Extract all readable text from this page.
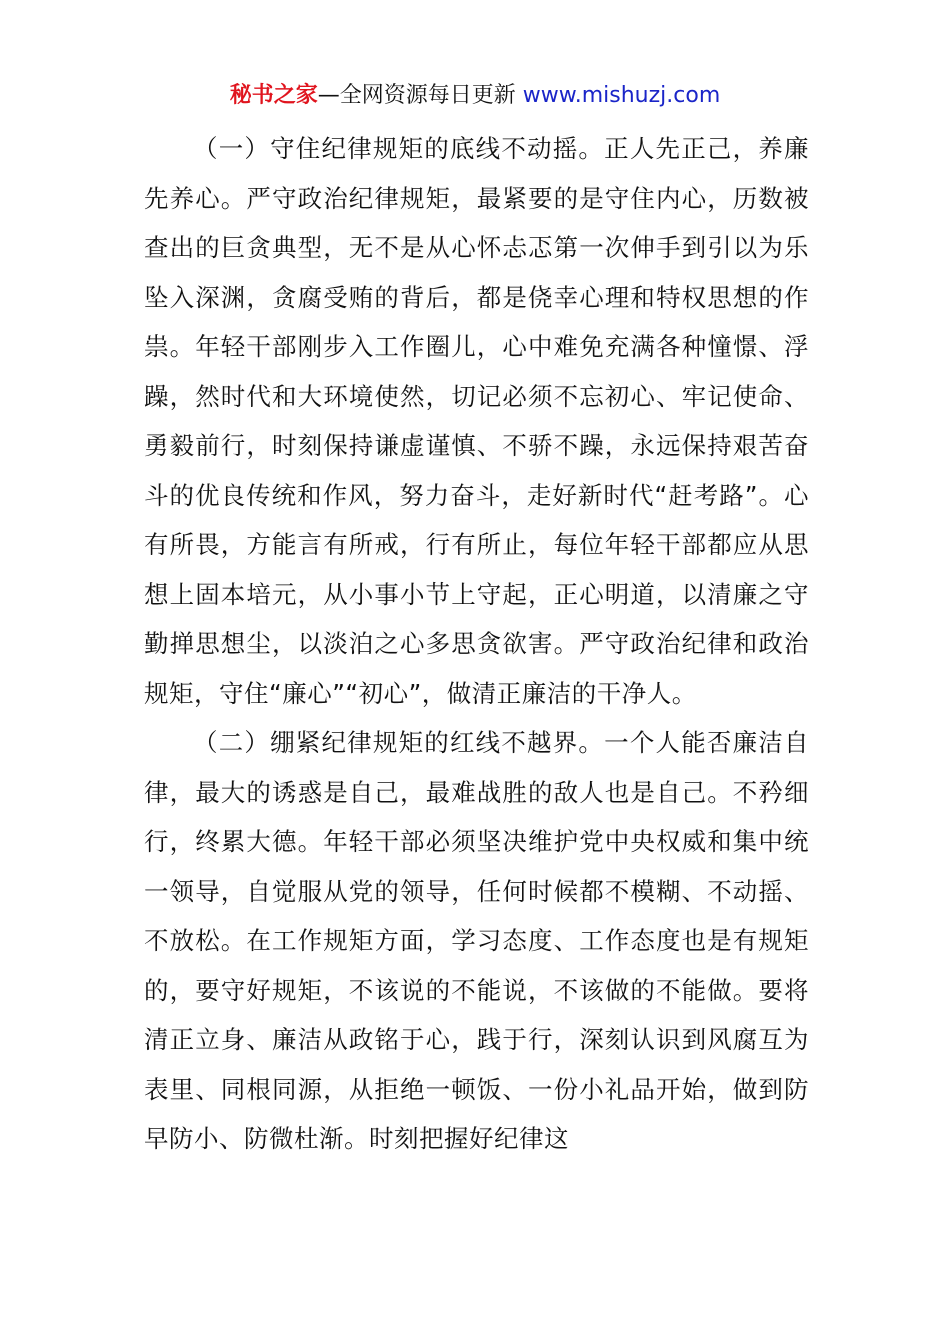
秘书之家—全网资源每日更新 www.mishuzj.com

（一）守住纪律规矩的底线不动摇。正人先正己，养廉先养心。严守政治纪律规矩，最紧要的是守住内心，历数被查出的巨贪典型，无不是从心怀忐忑第一次伸手到引以为乐坠入深渊，贪腐受贿的背后，都是侥幸心理和特权思想的作祟。年轻干部刚步入工作圈儿，心中难免充满各种憧憬、浮躁，然时代和大环境使然，切记必须不忘初心、牢记使命、勇毅前行，时刻保持谦虚谨慎、不骄不躁，永远保持艰苦奋斗的优良传统和作风，努力奋斗，走好新时代“赶考路”。心有所畏，方能言有所戒，行有所止，每位年轻干部都应从思想上固本培元，从小事小节上守起，正心明道，以清廉之守勤掸思想尘，以淡泊之心多思贪欲害。严守政治纪律和政治规矩，守住“廉心”“初心”，做清正廉洁的干净人。

（二）绷紧纪律规矩的红线不越界。一个人能否廉洁自律，最大的诱惑是自己，最难战胜的敌人也是自己。不矜细行，终累大德。年轻干部必须坚决维护党中央权威和集中统一领导，自觉服从党的领导，任何时候都不模糊、不动摇、不放松。在工作规矩方面，学习态度、工作态度也是有规矩的，要守好规矩，不该说的不能说，不该做的不能做。要将清正立身、廉洁从政铭于心，践于行，深刻认识到风腐互为表里、同根同源，从拒绝一顿饭、一份小礼品开始，做到防早防小、防微杜渐。时刻把握好纪律这
